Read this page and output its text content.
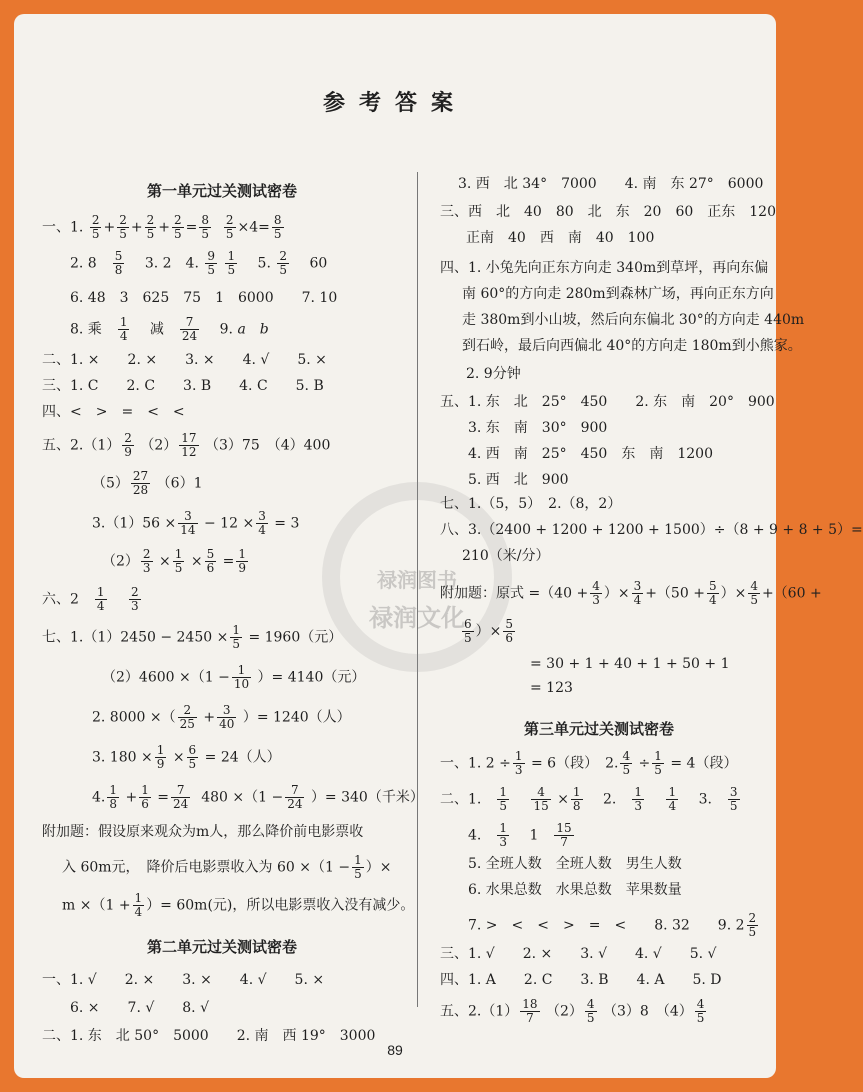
参考答案
禄润图书
禄润文化
第一单元过关测试密卷
一、1. $\frac{2}{5} + \frac{2}{5} + \frac{2}{5} + \frac{2}{5} = \frac{8}{5}$
$\frac{2}{5} \times 4= \frac{8}{5}$
2. 8　 $\frac{5}{8}$
　 3. 2　 4. $\frac{9}{5}$
$\frac{1}{5}$
　 5. $\frac{2}{5}$
　 60
6. 48　3　625　75　1　6000　　7. 10
8. 乘　 $\frac{1}{4}$
　 减　 $\frac{7}{24}$
　 9. a　b
二、1. ×　　2. ×　　3. ×　　4. √　　5. ×
三、1. C　　2. C　　3. B　　4. C　　5. B
四、<　>　=　<　<
五、$2.(1) \frac{2}{9} (2) \frac{17}{12} (3)75$　（4）400
$(5) \frac{27}{28} (6)1$
$3.(1)56 \times \frac{3}{14} - 12 \times \frac{3}{4} = 3$
$(2) \frac{2}{3} \times \frac{1}{5} \times \frac{5}{6} = \frac{1}{9}$
六、2　 $\frac{1}{4}$
　 $\frac{2}{3}$
七、$1.(1)2450 - 2450 \times \frac{1}{5} = 1960$（元）
$(2)4600 \times(1 - \frac{1}{10}$ ）= 4140（元）
2. 8000 ×（ $\frac{2}{25} + \frac{3}{40}$ ）= 1240（人）
3. $180 \times \frac{1}{9} \times \frac{6}{5} = 24$（人）
4. $\frac{1}{8} + \frac{1}{6} = \frac{7}{24} 480 \times(1 - \frac{7}{24}$ ）= 340（千米）
附加题：假设原来观众为m人，那么降价前电影票收
入 60m元，　降价后电影票收入为 $60 \times(1 - \frac{1}{5}$ ）×
$m \times(1 + \frac{1}{4}$ ）= 60m(元)，所以电影票收入没有减少。
第二单元过关测试密卷
一、1. √　　2. ×　　3. ×　　4. √　　5. ×
6. ×　　7. √　　8. √
二、1. 东　北 50°　5000　　2. 南　西 19°　3000
3. 西　北 34°　7000　　4. 南　东 27°　6000
三、西　北　40　80　北　东　20　60　正东　120
正南　40　西　南　40　100
四、1. 小兔先向正东方向走 340m到草坪，再向东偏
南 60°的方向走 280m到森林广场，再向正东方向
走 380m到小山坡，然后向东偏北 30°的方向走 440m
到石岭，最后向西偏北 40°的方向走 180m到小熊家。
2. 9分钟
五、1. 东　北　25°　450　　2. 东　南　20°　900
3. 东　南　30°　900
4. 西　南　25°　450　东　南　1200
5. 西　北　900
七、1.（5，5）　2.（8，2）
八、3.（2400 + 1200 + 1200 + 1500）÷（8 + 9 + 8 + 5）=
210（米/分）
附加题：原式 $=(40 + \frac{4}{3}$ ）× $\frac{3}{4} +(50 + \frac{5}{4}$ ）× $\frac{4}{5} +(60$ +
$\frac{6}{5}$ ）× $\frac{5}{6}$
= 30 + 1 + 40 + 1 + 50 + 1
= 123
第三单元过关测试密卷
一、1. $2 \div \frac{1}{3} = 6$（段）　2. $\frac{4}{5} \div \frac{1}{5} = 4$（段）
二、1.　 $\frac{1}{5}$
　 $\frac{4}{15} \times \frac{1}{8}$
　 2.　 $\frac{1}{3}$
　 $\frac{1}{4}$
　 3.　 $\frac{3}{5}$
4.　 $\frac{1}{3}$
　 1　 $\frac{15}{7}$
5. 全班人数　全班人数　男生人数
6. 水果总数　水果总数　苹果数量
7. >　<　<　>　=　<　　8. 32　　9. $2 \frac{2}{5}$
三、1. √　　2. ×　　3. √　　4. √　　5. √
四、1. A　　2. C　　3. B　　4. A　　5. D
五、$2.(1) \frac{18}{7} (2) \frac{4}{5} (3)8$　$(4) \frac{4}{5}$
89
